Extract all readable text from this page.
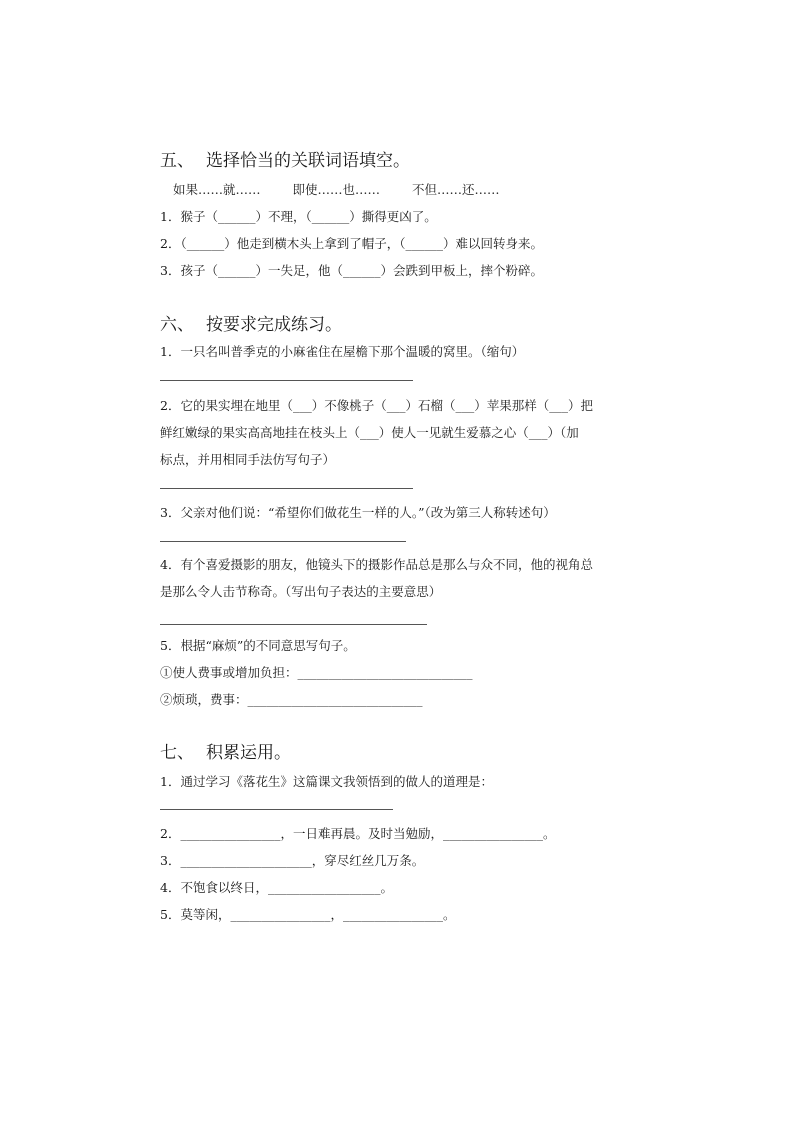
五、 选择恰当的关联词语填空。
如果……就……	即使……也……	不但……还……
1．猴子（______）不理，（______）撕得更凶了。
2．（______）他走到横木头上拿到了帽子，（______）难以回转身来。
3．孩子（______）一失足，他（______）会跌到甲板上，摔个粉碎。
六、 按要求完成练习。
1．一只名叫普季克的小麻雀住在屋檐下那个温暖的窝里。（缩句）
2．它的果实埋在地里（___）不像桃子（___）石榴（___）苹果那样（___）把
鲜红嫩绿的果实高高地挂在枝头上（___）使人一见就生爱慕之心（___）（加
标点，并用相同手法仿写句子）
3．父亲对他们说：“希望你们做花生一样的人。”（改为第三人称转述句）
4．有个喜爱摄影的朋友，他镜头下的摄影作品总是那么与众不同，他的视角总
是那么令人击节称奇。（写出句子表达的主要意思）
5．根据“麻烦”的不同意思写句子。
①使人费事或增加负担：____________________________
②烦琐，费事：____________________________
七、 积累运用。
1．通过学习《落花生》这篇课文我领悟到的做人的道理是：
2．________________，一日难再晨。及时当勉励，________________。
3．_____________________，穿尽红丝几万条。
4．不饱食以终日，__________________。
5．莫等闲，________________，________________。
